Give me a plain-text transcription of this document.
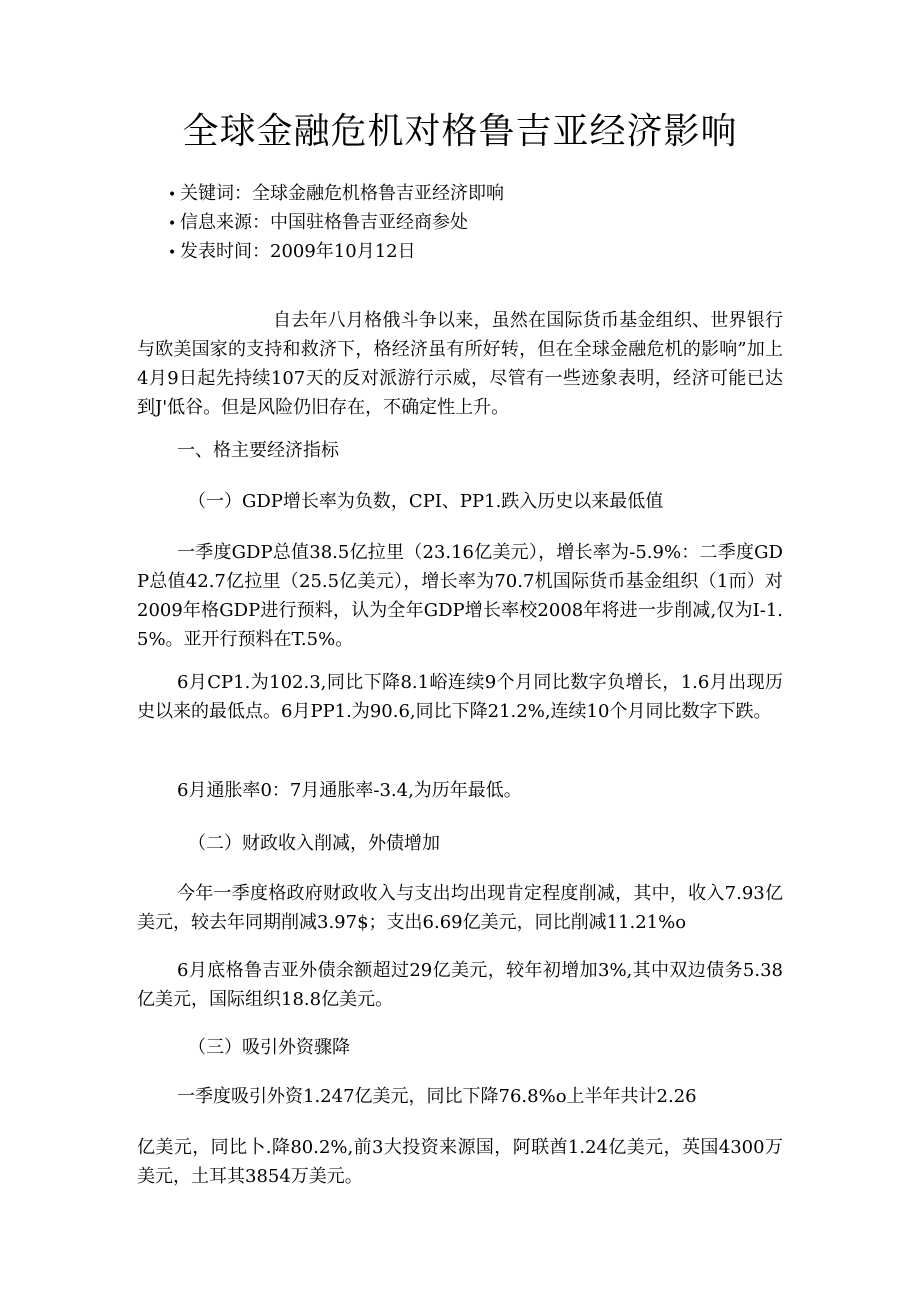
全球金融危机对格鲁吉亚经济影响
• 关键词：全球金融危机格鲁吉亚经济即响
• 信息来源：中国驻格鲁吉亚经商参处
• 发表时间：2009年10月12日

自去年八月格俄斗争以来，虽然在国际货币基金组织、世界银行与欧美国家的支持和救济下，格经济虽有所好转，但在全球金融危机的影响”加上4月9日起先持续107天的反对派游行示威，尽管有一些迹象表明，经济可能已达到J'低谷。但是风险仍旧存在，不确定性上升。

一、格主要经济指标

（一）GDP增长率为负数，CPI、PP1.跌入历史以来最低值

一季度GDP总值38.5亿拉里（23.16亿美元），增长率为-5.9%：二季度GDP总值42.7亿拉里（25.5亿美元），增长率为70.7机国际货币基金组织（1而）对2009年格GDP进行预料，认为全年GDP增长率校2008年将进一步削减,仅为I-1.5%。亚开行预料在T.5%。

6月CP1.为102.3,同比下降8.1峪连续9个月同比数字负增长，1.6月出现历史以来的最低点。6月PP1.为90.6,同比下降21.2%,连续10个月同比数字下跌。

6月通胀率0：7月通胀率-3.4,为历年最低。

（二）财政收入削减，外债增加

今年一季度格政府财政收入与支出均出现肯定程度削减，其中，收入7.93亿美元，较去年同期削减3.97$；支出6.69亿美元，同比削减11.21%o

6月底格鲁吉亚外债余额超过29亿美元，较年初增加3%,其中双边债务5.38亿美元，国际组织18.8亿美元。

（三）吸引外资骤降

一季度吸引外资1.247亿美元，同比下降76.8%o上半年共计2.26

亿美元，同比卜.降80.2%,前3大投资来源国，阿联酋1.24亿美元，英国4300万美元，土耳其3854万美元。
